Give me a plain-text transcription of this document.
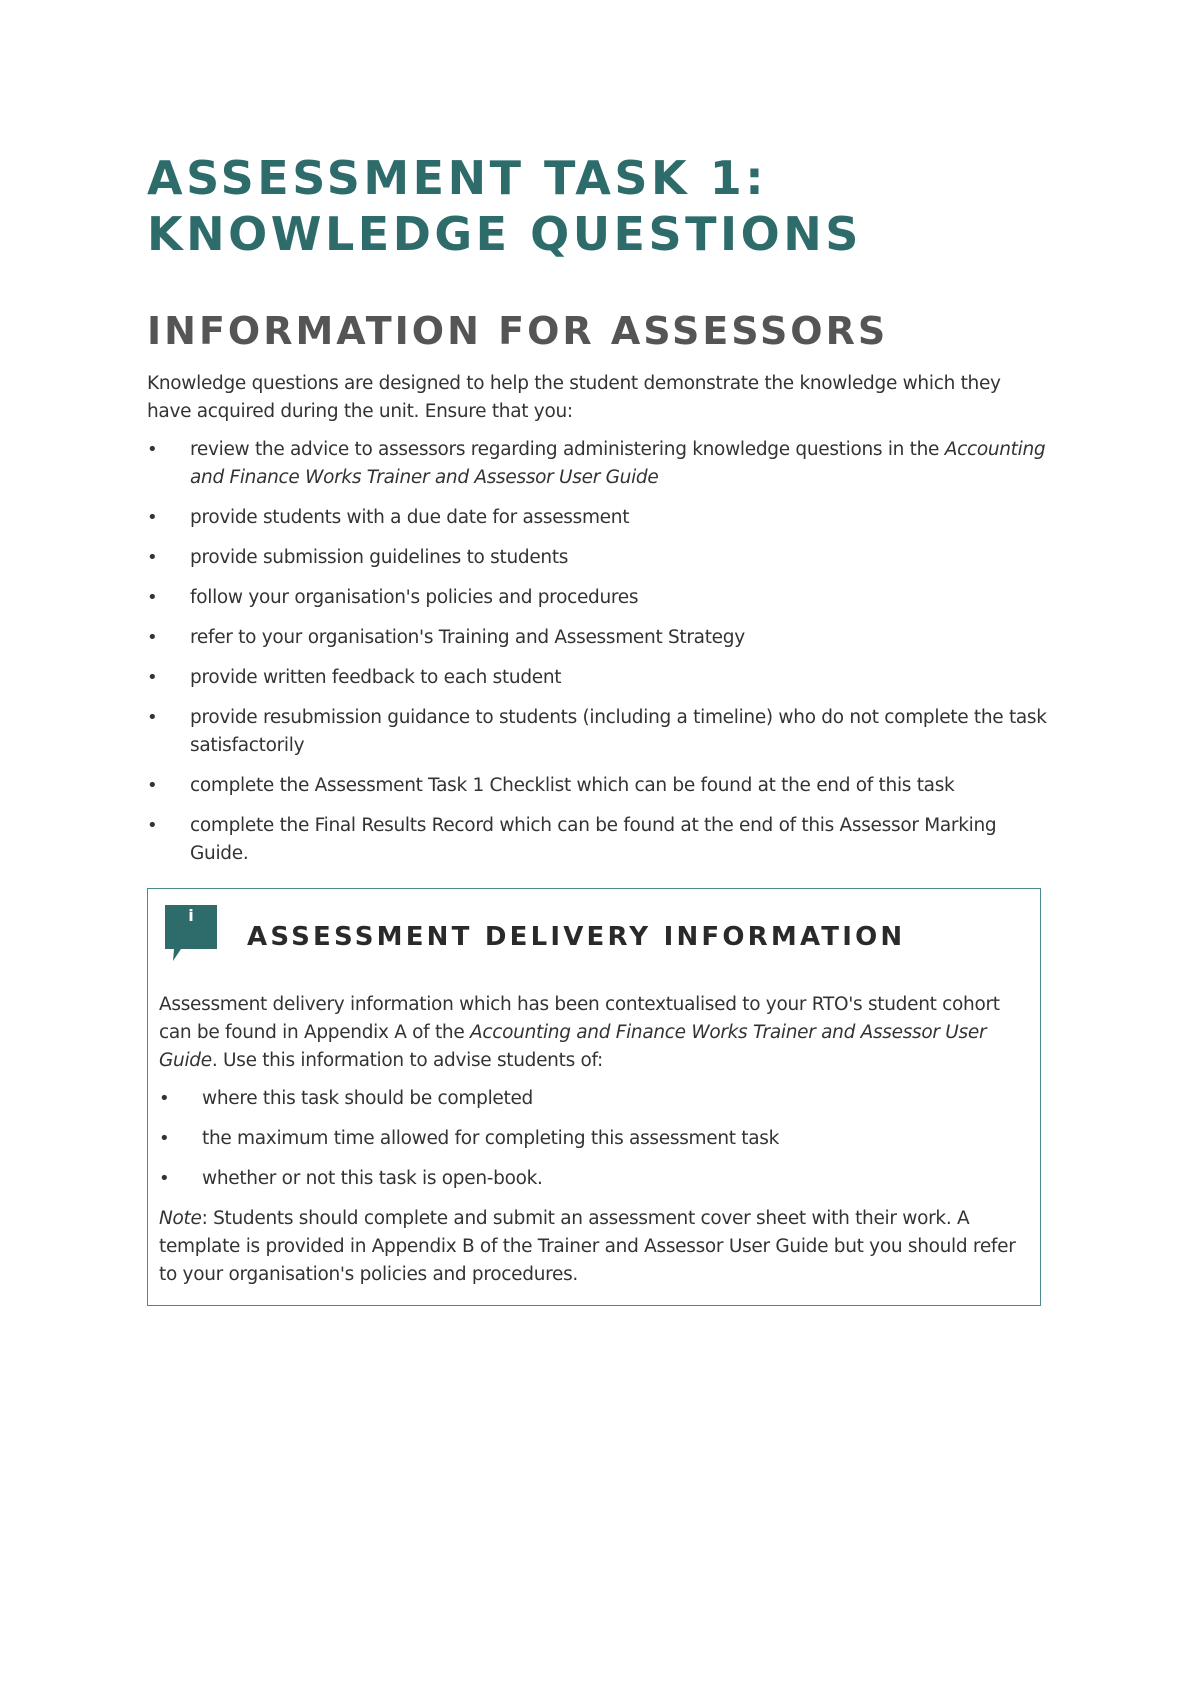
ASSESSMENT TASK 1:
KNOWLEDGE QUESTIONS
INFORMATION FOR ASSESSORS

Knowledge questions are designed to help the student demonstrate the knowledge which they have acquired during the unit. Ensure that you:

• review the advice to assessors regarding administering knowledge questions in the Accounting and Finance Works Trainer and Assessor User Guide
• provide students with a due date for assessment
• provide submission guidelines to students
• follow your organisation's policies and procedures
• refer to your organisation's Training and Assessment Strategy
• provide written feedback to each student
• provide resubmission guidance to students (including a timeline) who do not complete the task satisfactorily
• complete the Assessment Task 1 Checklist which can be found at the end of this task
• complete the Final Results Record which can be found at the end of this Assessor Marking Guide.
i
ASSESSMENT DELIVERY INFORMATION

Assessment delivery information which has been contextualised to your RTO's student cohort can be found in Appendix A of the Accounting and Finance Works Trainer and Assessor User Guide. Use this information to advise students of:

• where this task should be completed
• the maximum time allowed for completing this assessment task
• whether or not this task is open-book.

Note: Students should complete and submit an assessment cover sheet with their work. A template is provided in Appendix B of the Trainer and Assessor User Guide but you should refer to your organisation's policies and procedures.
